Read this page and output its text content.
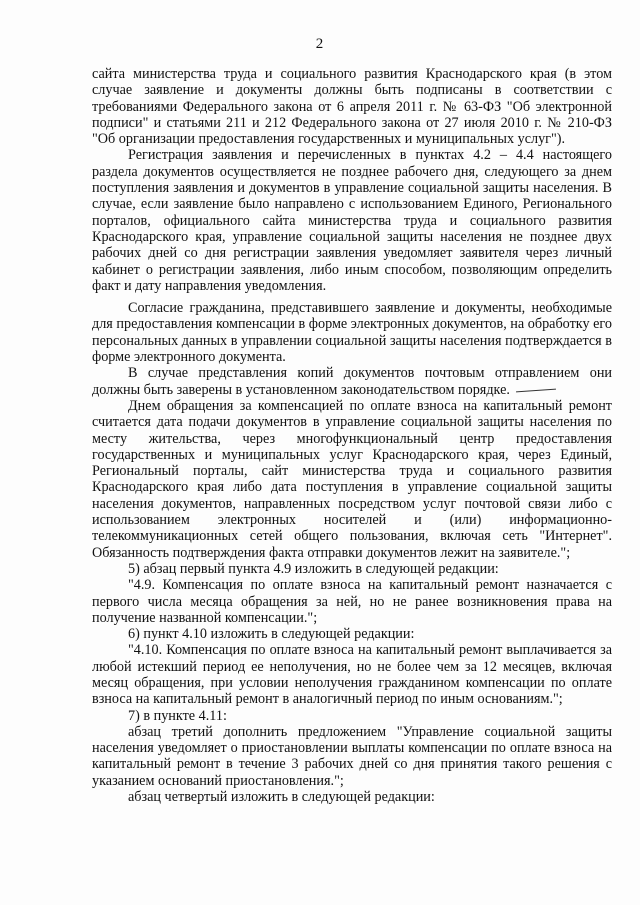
2

сайта министерства труда и социального развития Краснодарского края (в этом случае заявление и документы должны быть подписаны в соответствии с требованиями Федерального закона от 6 апреля 2011 г. № 63-ФЗ "Об электронной подписи" и статьями 211 и 212 Федерального закона от 27 июля 2010 г. № 210-ФЗ "Об организации предоставления государственных и муниципальных услуг").

Регистрация заявления и перечисленных в пунктах 4.2 – 4.4 настоящего раздела документов осуществляется не позднее рабочего дня, следующего за днем поступления заявления и документов в управление социальной защиты населения. В случае, если заявление было направлено с использованием Единого, Регионального порталов, официального сайта министерства труда и социального развития Краснодарского края, управление социальной защиты населения не позднее двух рабочих дней со дня регистрации заявления уведомляет заявителя через личный кабинет о регистрации заявления, либо иным способом, позволяющим определить факт и дату направления уведомления.

Согласие гражданина, представившего заявление и документы, необходимые для предоставления компенсации в форме электронных документов, на обработку его персональных данных в управлении социальной защиты населения подтверждается в форме электронного документа.

В случае представления копий документов почтовым отправлением они должны быть заверены в установленном законодательством порядке.

Днем обращения за компенсацией по оплате взноса на капитальный ремонт считается дата подачи документов в управление социальной защиты населения по месту жительства, через многофункциональный центр предоставления государственных и муниципальных услуг Краснодарского края, через Единый, Региональный порталы, сайт министерства труда и социального развития Краснодарского края либо дата поступления в управление социальной защиты населения документов, направленных посредством услуг почтовой связи либо с использованием электронных носителей и (или) информационно-телекоммуникационных сетей общего пользования, включая сеть "Интернет". Обязанность подтверждения факта отправки документов лежит на заявителе.";

5) абзац первый пункта 4.9 изложить в следующей редакции:

"4.9. Компенсация по оплате взноса на капитальный ремонт назначается с первого числа месяца обращения за ней, но не ранее возникновения права на получение названной компенсации.";

6) пункт 4.10 изложить в следующей редакции:

"4.10. Компенсация по оплате взноса на капитальный ремонт выплачивается за любой истекший период ее неполучения, но не более чем за 12 месяцев, включая месяц обращения, при условии неполучения гражданином компенсации по оплате взноса на капитальный ремонт в аналогичный период по иным основаниям.";

7) в пункте 4.11:

абзац третий дополнить предложением "Управление социальной защиты населения уведомляет о приостановлении выплаты компенсации по оплате взноса на капитальный ремонт в течение 3 рабочих дней со дня принятия такого решения с указанием оснований приостановления.";

абзац четвертый изложить в следующей редакции:
